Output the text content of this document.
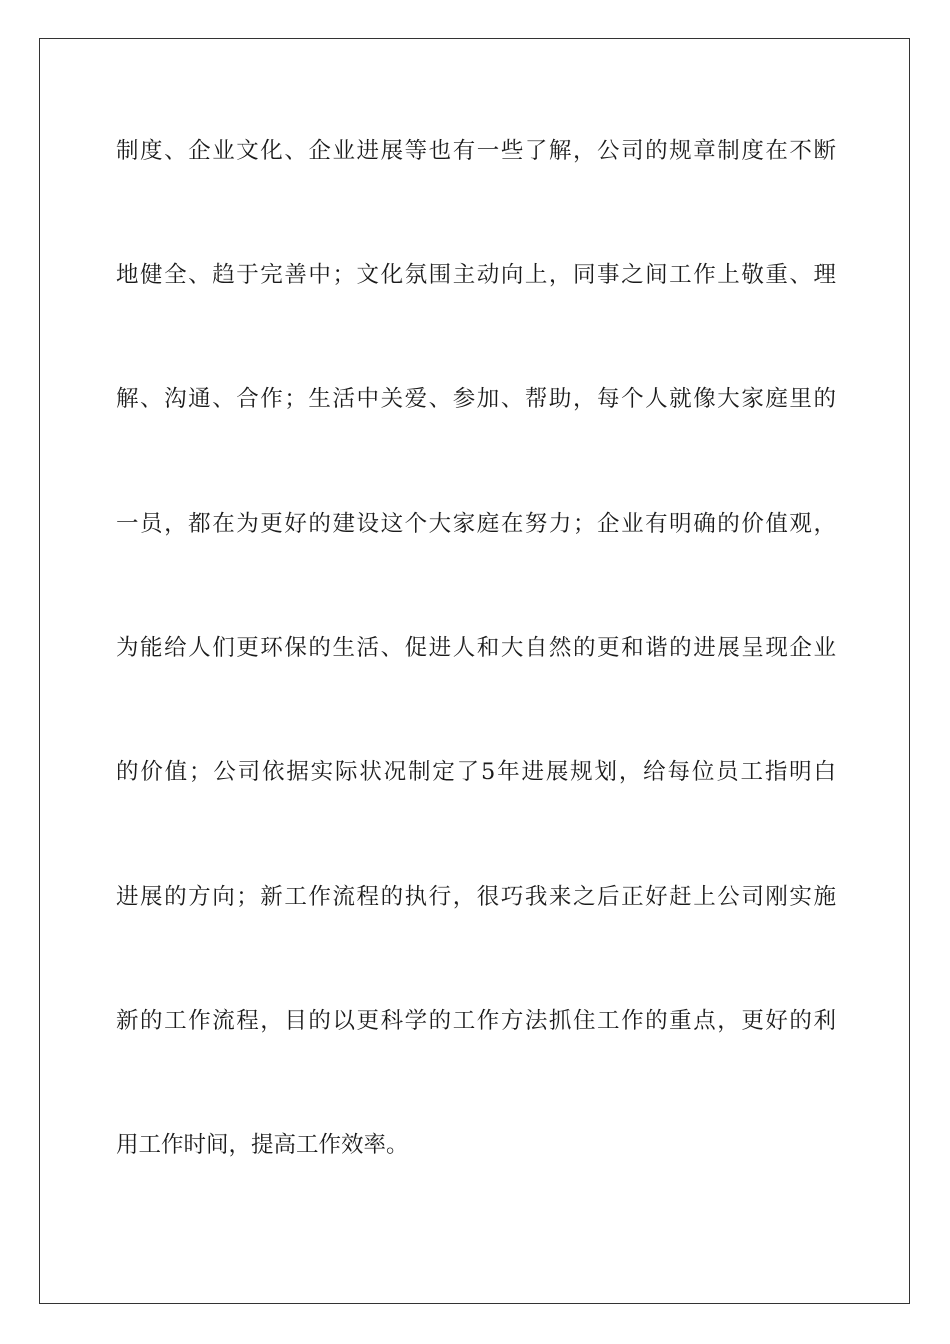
制度、企业文化、企业进展等也有一些了解，公司的规章制度在不断
地健全、趋于完善中；文化氛围主动向上，同事之间工作上敬重、理
解、沟通、合作；生活中关爱、参加、帮助，每个人就像大家庭里的
一员，都在为更好的建设这个大家庭在努力；企业有明确的价值观，
为能给人们更环保的生活、促进人和大自然的更和谐的进展呈现企业
的价值；公司依据实际状况制定了5年进展规划，给每位员工指明白
进展的方向；新工作流程的执行，很巧我来之后正好赶上公司刚实施
新的工作流程，目的以更科学的工作方法抓住工作的重点，更好的利
用工作时间，提高工作效率。
